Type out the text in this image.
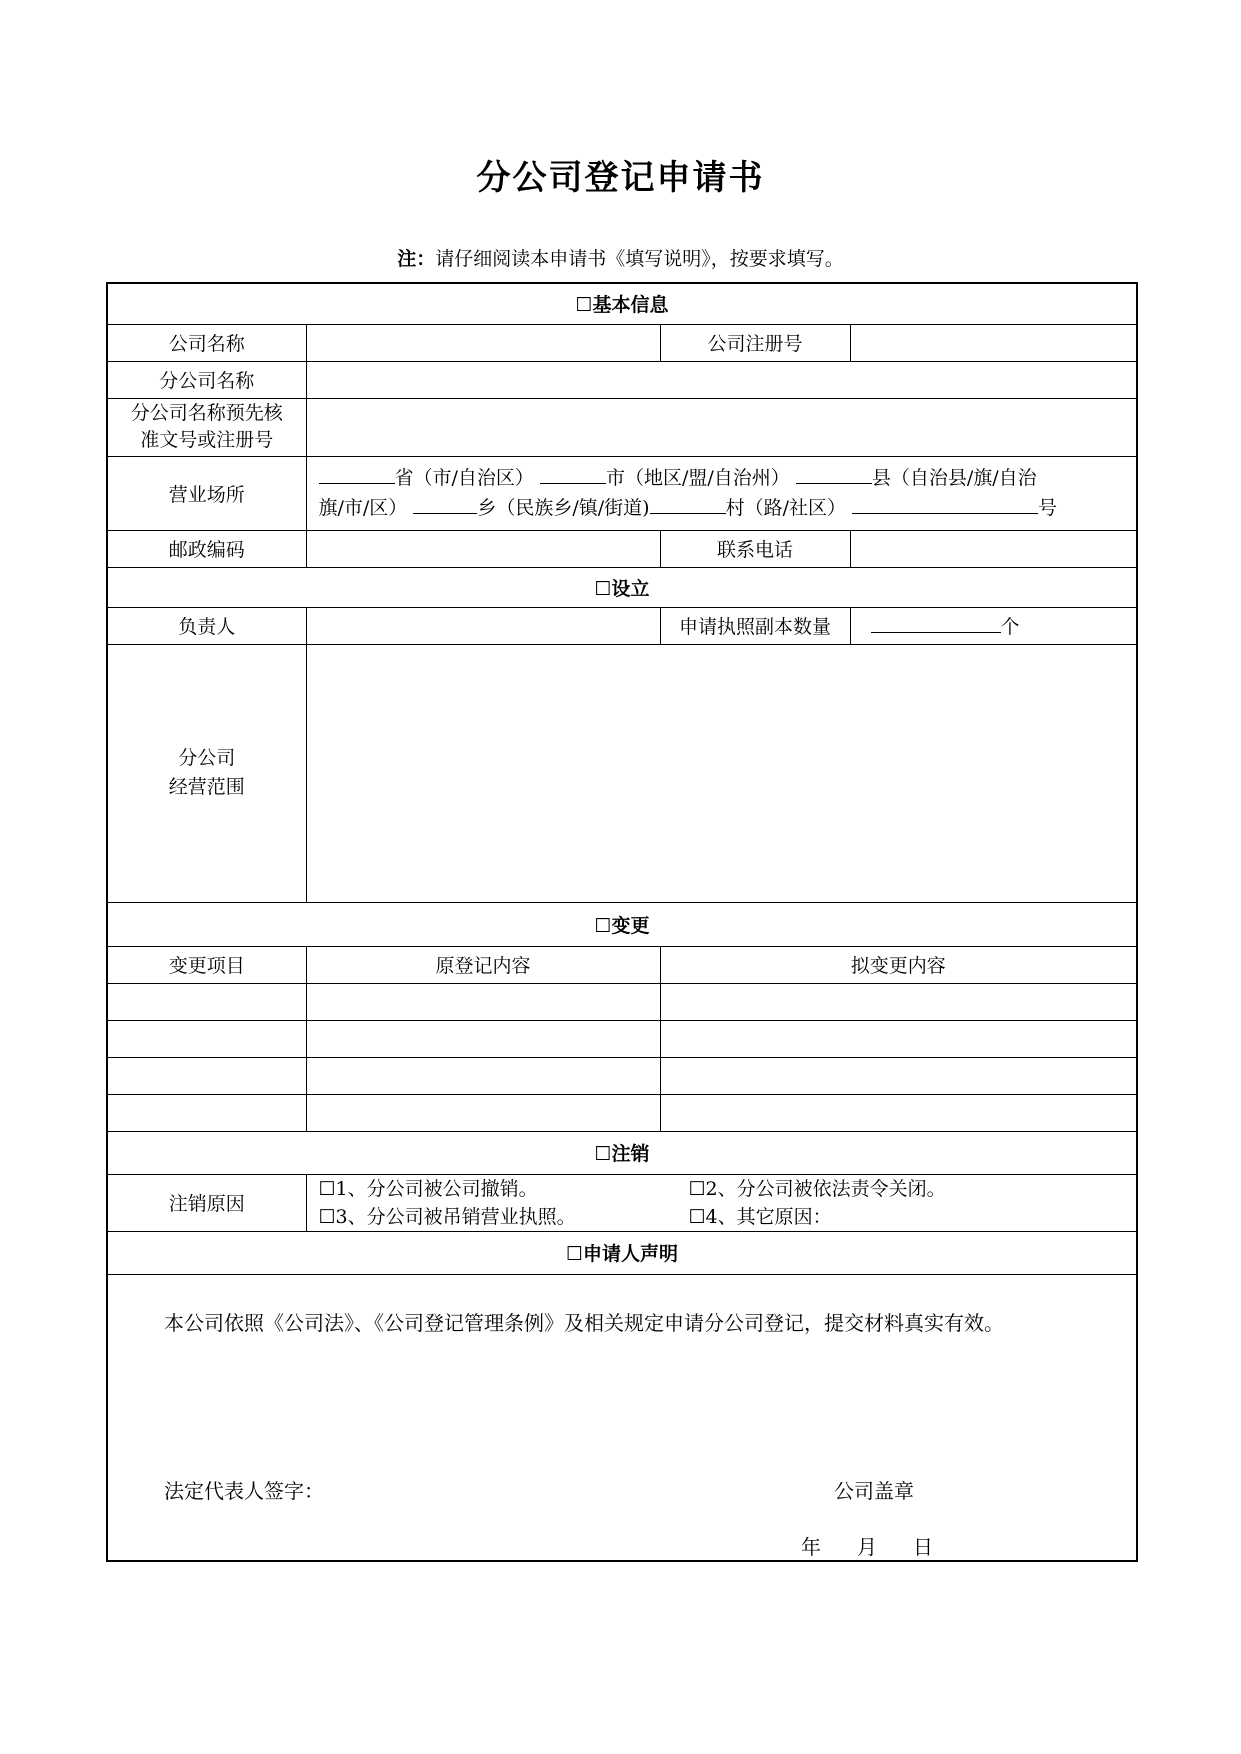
分公司登记申请书
注：请仔细阅读本申请书《填写说明》，按要求填写。
☐基本信息			
公司名称		公司注册号	
分公司名称			
分公司名称预先核
准文号或注册号			
营业场所	省（市/自治区） 市（地区/盟/自治州） 县（自治县/旗/自治
旗/市/区） 乡（民族乡/镇/街道) 村（路/社区） 号		
邮政编码		联系电话	
☐设立			
负责人		申请执照副本数量	个
分公司
经营范围			
☐变更			
变更项目	原登记内容	拟变更内容	

☐注销			
注销原因	☐1、分公司被公司撤销。 ☐2、分公司被依法责令关闭。
☐3、分公司被吊销营业执照。 ☐4、其它原因：		
☐申请人声明			

本公司依照《公司法》、《公司登记管理条例》及相关规定申请分公司登记，提交材料真实有效。
法定代表人签字： 公司盖章
年 月 日			
